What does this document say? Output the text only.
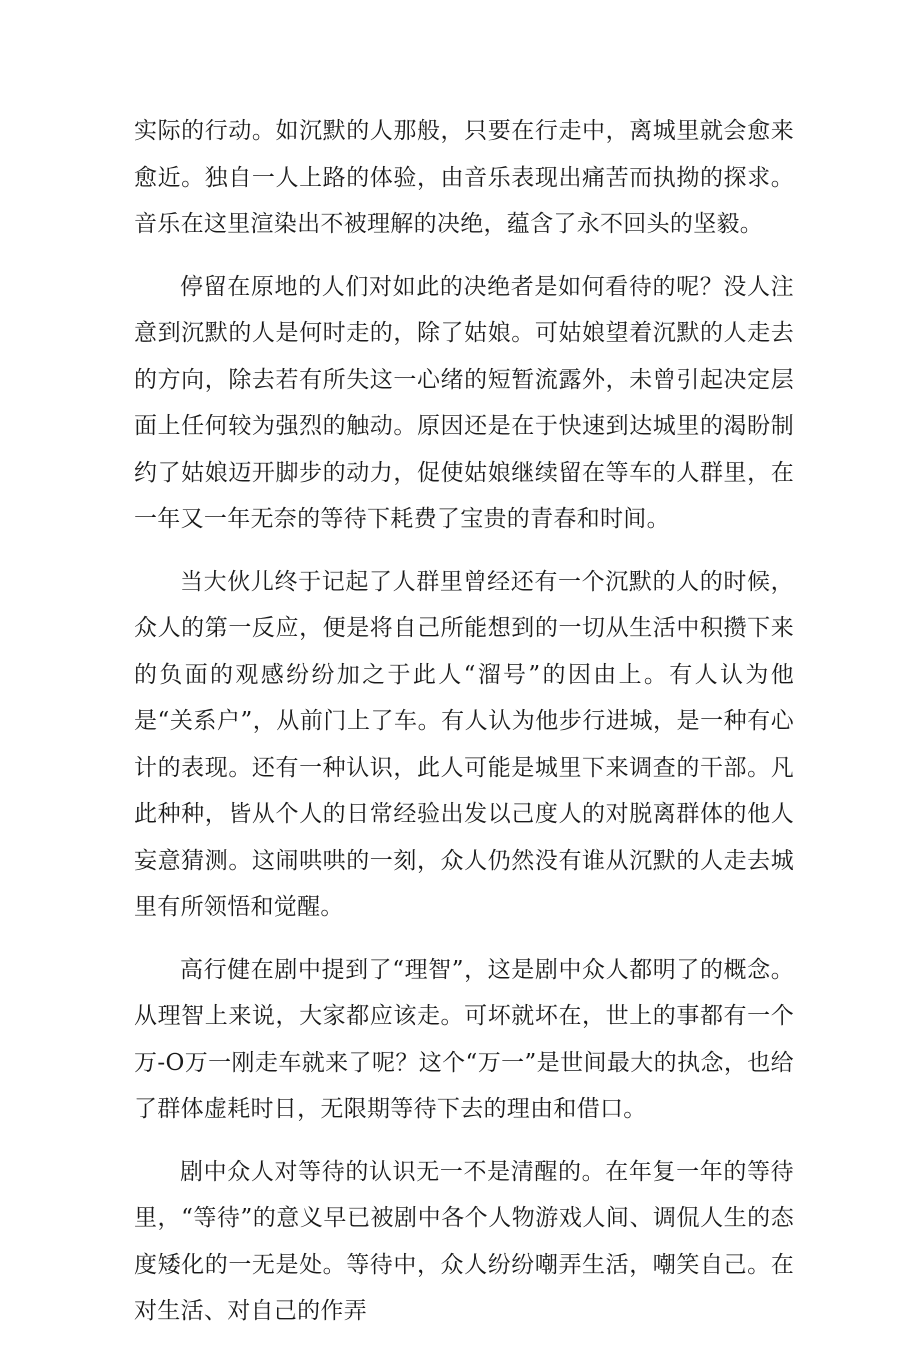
实际的行动。如沉默的人那般，只要在行走中，离城里就会愈来愈近。独自一人上路的体验，由音乐表现出痛苦而执拗的探求。音乐在这里渲染出不被理解的决绝，蕴含了永不回头的坚毅。

停留在原地的人们对如此的决绝者是如何看待的呢？没人注意到沉默的人是何时走的，除了姑娘。可姑娘望着沉默的人走去的方向，除去若有所失这一心绪的短暂流露外，未曾引起决定层面上任何较为强烈的触动。原因还是在于快速到达城里的渴盼制约了姑娘迈开脚步的动力，促使姑娘继续留在等车的人群里，在一年又一年无奈的等待下耗费了宝贵的青春和时间。

当大伙儿终于记起了人群里曾经还有一个沉默的人的时候，众人的第一反应，便是将自己所能想到的一切从生活中积攒下来的负面的观感纷纷加之于此人“溜号”的因由上。有人认为他是“关系户”，从前门上了车。有人认为他步行进城，是一种有心计的表现。还有一种认识，此人可能是城里下来调查的干部。凡此种种，皆从个人的日常经验出发以己度人的对脱离群体的他人妄意猜测。这闹哄哄的一刻，众人仍然没有谁从沉默的人走去城里有所领悟和觉醒。

高行健在剧中提到了“理智”，这是剧中众人都明了的概念。从理智上来说，大家都应该走。可坏就坏在，世上的事都有一个万-O万一刚走车就来了呢？这个“万一”是世间最大的执念，也给了群体虚耗时日，无限期等待下去的理由和借口。

剧中众人对等待的认识无一不是清醒的。在年复一年的等待里，“等待”的意义早已被剧中各个人物游戏人间、调侃人生的态度矮化的一无是处。等待中，众人纷纷嘲弄生活，嘲笑自己。在对生活、对自己的作弄
